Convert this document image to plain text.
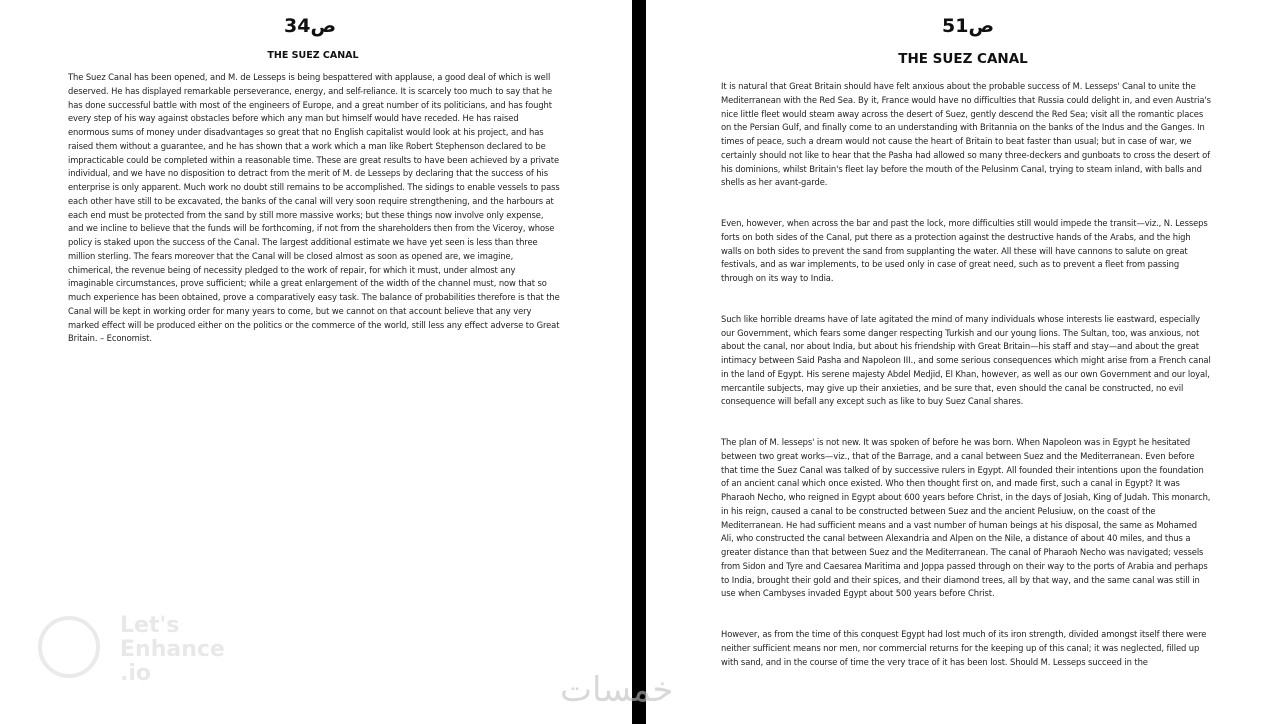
ص34
THE SUEZ CANAL

The Suez Canal has been opened, and M. de Lesseps is being bespattered with applause, a good deal of which is well deserved. He has displayed remarkable perseverance, energy, and self-reliance. It is scarcely too much to say that he has done successful battle with most of the engineers of Europe, and a great number of its politicians, and has fought every step of his way against obstacles before which any man but himself would have receded. He has raised enormous sums of money under disadvantages so great that no English capitalist would look at his project, and has raised them without a guarantee, and he has shown that a work which a man like Robert Stephenson declared to be impracticable could be completed within a reasonable time. These are great results to have been achieved by a private individual, and we have no disposition to detract from the merit of M. de Lesseps by declaring that the success of his enterprise is only apparent. Much work no doubt still remains to be accomplished. The sidings to enable vessels to pass each other have still to be excavated, the banks of the canal will very soon require strengthening, and the harbours at each end must be protected from the sand by still more massive works; but these things now involve only expense, and we incline to believe that the funds will be forthcoming, if not from the shareholders then from the Viceroy, whose policy is staked upon the success of the Canal. The largest additional estimate we have yet seen is less than three million sterling. The fears moreover that the Canal will be closed almost as soon as opened are, we imagine, chimerical, the revenue being of necessity pledged to the work of repair, for which it must, under almost any imaginable circumstances, prove sufficient; while a great enlargement of the width of the channel must, now that so much experience has been obtained, prove a comparatively easy task. The balance of probabilities therefore is that the Canal will be kept in working order for many years to come, but we cannot on that account believe that any very marked effect will be produced either on the politics or the commerce of the world, still less any effect adverse to Great Britain. – Economist.

Let's
Enhance
.io
ص51
THE SUEZ CANAL

It is natural that Great Britain should have felt anxious about the probable success of M. Lesseps' Canal to unite the Mediterranean with the Red Sea. By it, France would have no difficulties that Russia could delight in, and even Austria's nice little fleet would steam away across the desert of Suez, gently descend the Red Sea; visit all the romantic places on the Persian Gulf, and finally come to an understanding with Britannia on the banks of the Indus and the Ganges. In times of peace, such a dream would not cause the heart of Britain to beat faster than usual; but in case of war, we certainly should not like to hear that the Pasha had allowed so many three-deckers and gunboats to cross the desert of his dominions, whilst Britain's fleet lay before the mouth of the Pelusinm Canal, trying to steam inland, with balls and shells as her avant-garde.

Even, however, when across the bar and past the lock, more difficulties still would impede the transit—viz., N. Lesseps forts on both sides of the Canal, put there as a protection against the destructive hands of the Arabs, and the high walls on both sides to prevent the sand from supplanting the water. All these will have cannons to salute on great festivals, and as war implements, to be used only in case of great need, such as to prevent a fleet from passing through on its way to India.

Such like horrible dreams have of late agitated the mind of many individuals whose interests lie eastward, especially our Government, which fears some danger respecting Turkish and our young lions. The Sultan, too, was anxious, not about the canal, nor about India, but about his friendship with Great Britain—his staff and stay—and about the great intimacy between Said Pasha and Napoleon III., and some serious consequences which might arise from a French canal in the land of Egypt. His serene majesty Abdel Medjid, El Khan, however, as well as our own Government and our loyal, mercantile subjects, may give up their anxieties, and be sure that, even should the canal be constructed, no evil consequence will befall any except such as like to buy Suez Canal shares.

The plan of M. lesseps' is not new. It was spoken of before he was born. When Napoleon was in Egypt he hesitated between two great works—viz., that of the Barrage, and a canal between Suez and the Mediterranean. Even before that time the Suez Canal was talked of by successive rulers in Egypt. All founded their intentions upon the foundation of an ancient canal which once existed. Who then thought first on, and made first, such a canal in Egypt? It was Pharaoh Necho, who reigned in Egypt about 600 years before Christ, in the days of Josiah, King of Judah. This monarch, in his reign, caused a canal to be constructed between Suez and the ancient Pelusiuw, on the coast of the Mediterranean. He had sufficient means and a vast number of human beings at his disposal, the same as Mohamed Ali, who constructed the canal between Alexandria and Alpen on the Nile, a distance of about 40 miles, and thus a greater distance than that between Suez and the Mediterranean. The canal of Pharaoh Necho was navigated; vessels from Sidon and Tyre and Caesarea Maritima and Joppa passed through on their way to the ports of Arabia and perhaps to India, brought their gold and their spices, and their diamond trees, all by that way, and the same canal was still in use when Cambyses invaded Egypt about 500 years before Christ.

However, as from the time of this conquest Egypt had lost much of its iron strength, divided amongst itself there were neither sufficient means nor men, nor commercial returns for the keeping up of this canal; it was neglected, filled up with sand, and in the course of time the very trace of it has been lost. Should M. Lesseps succeed in the

خمسات
